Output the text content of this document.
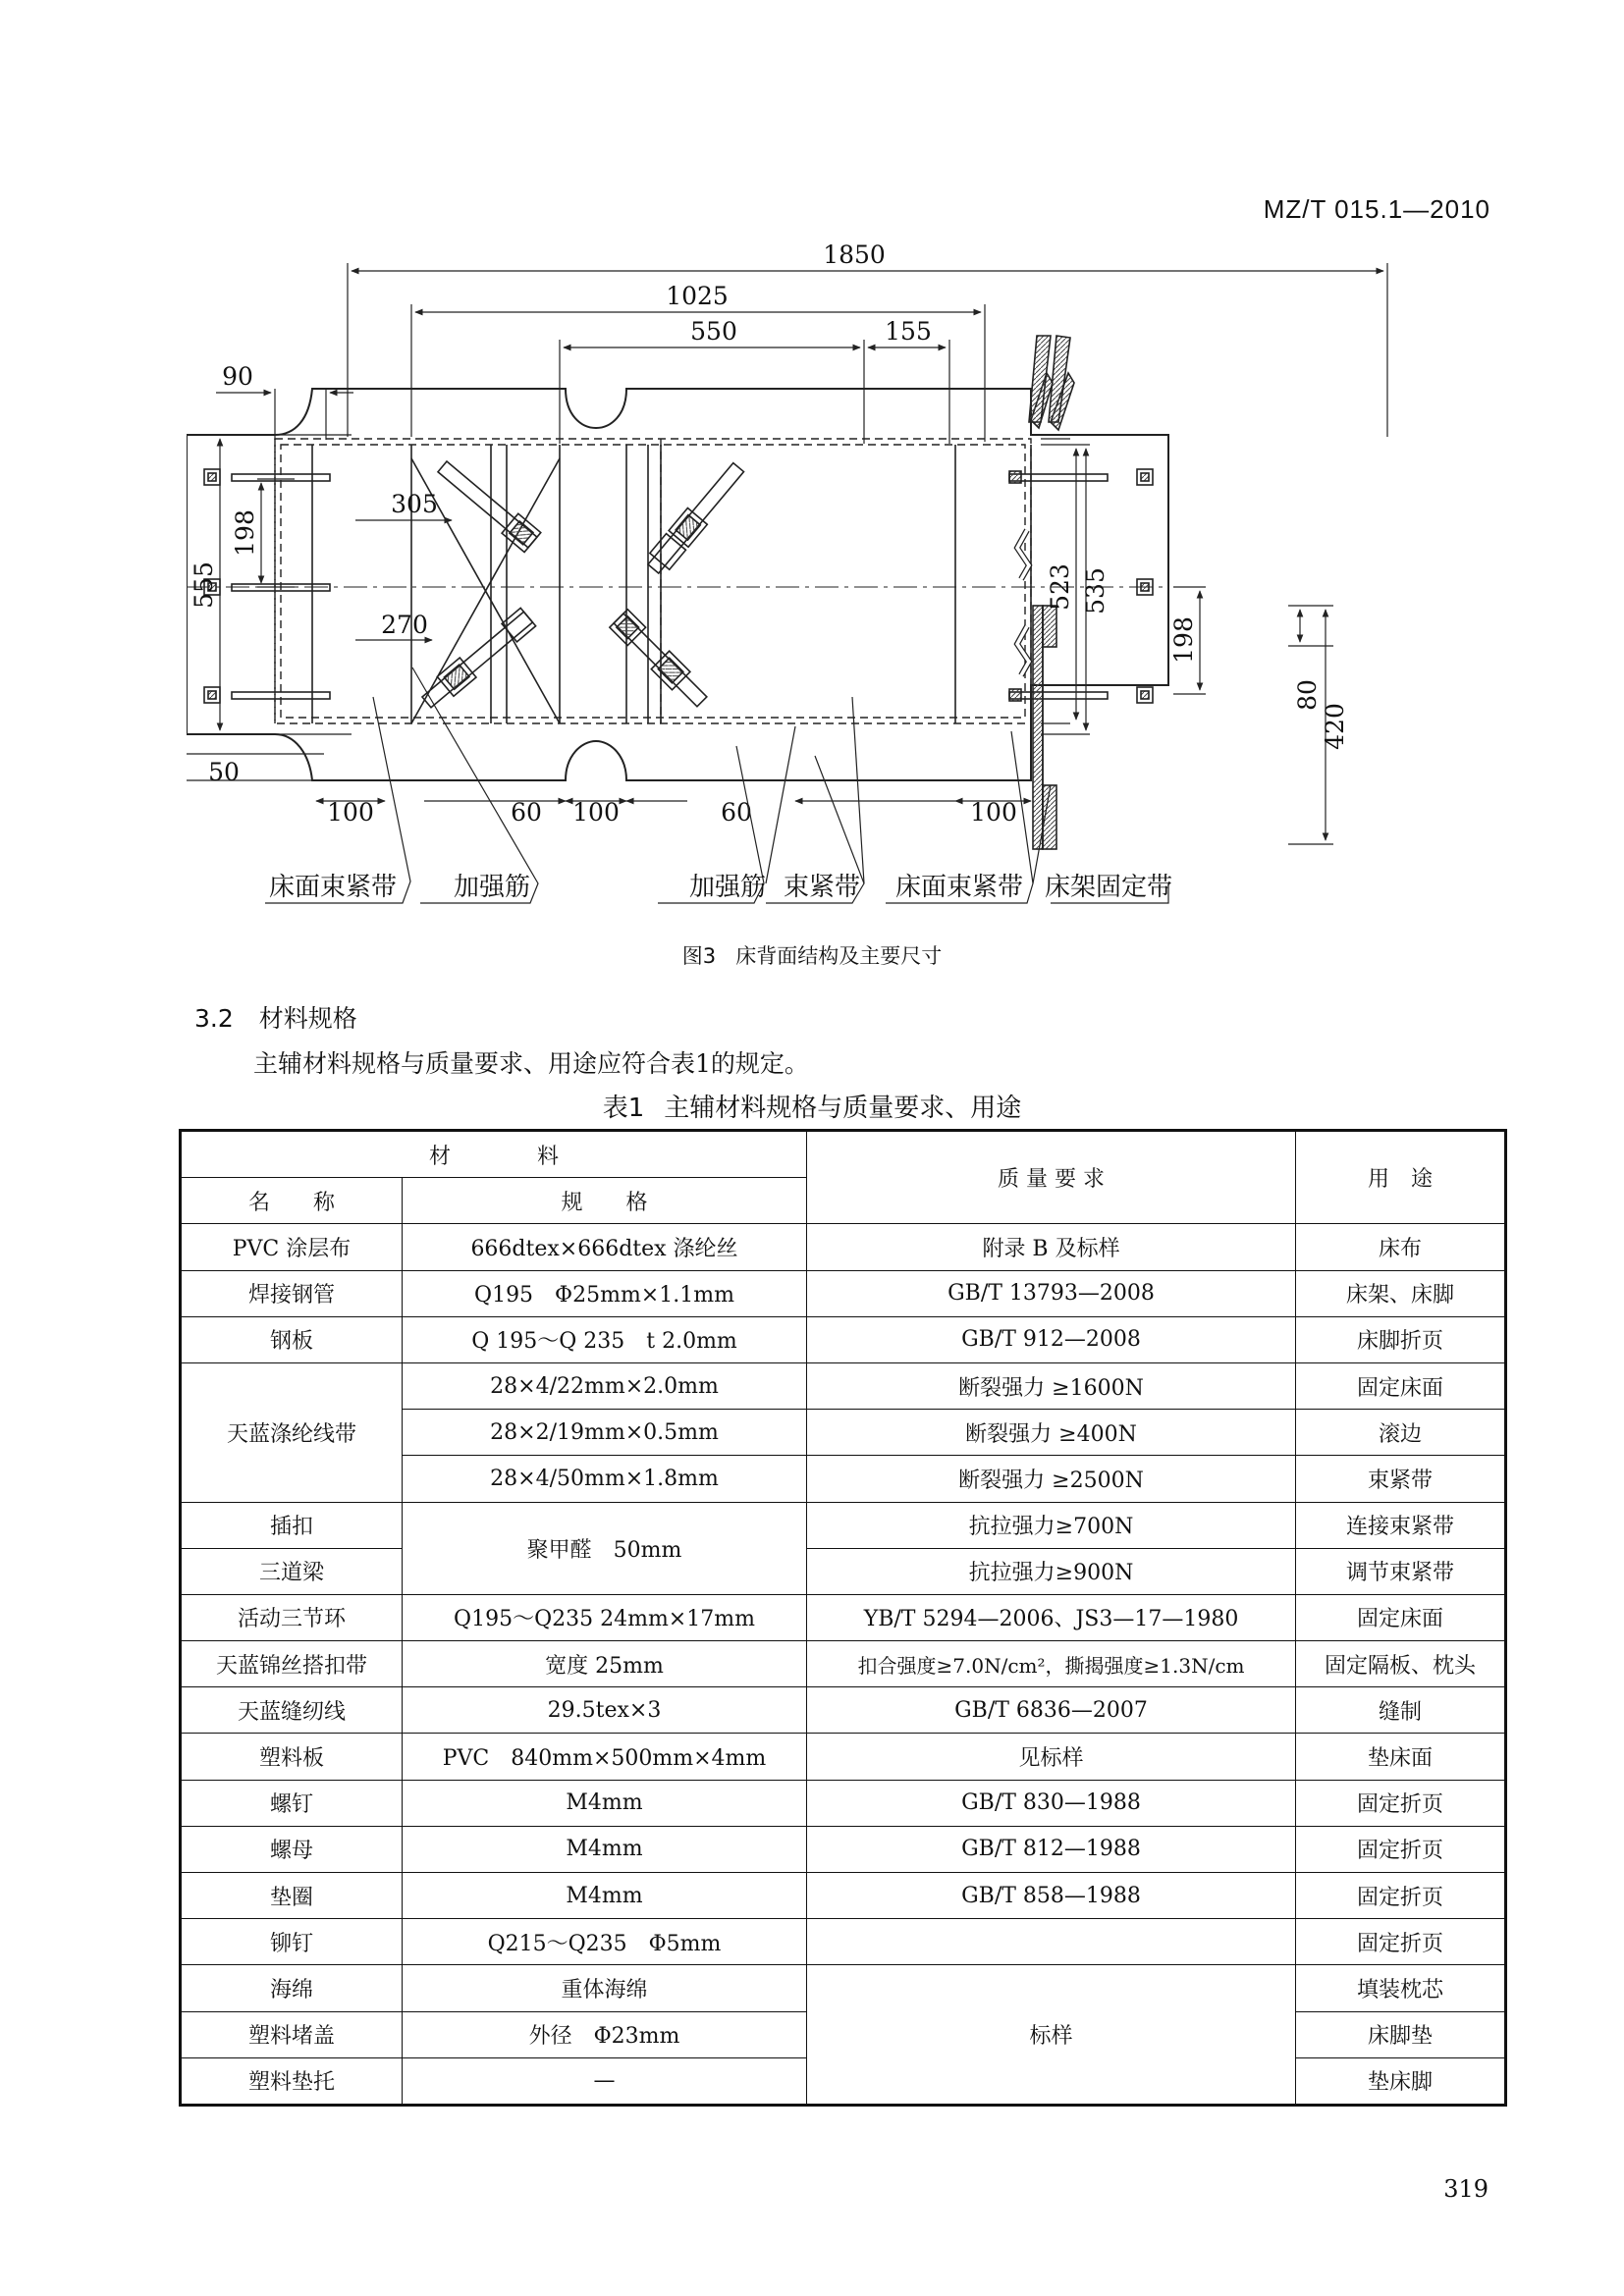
MZ/T 015.1—2010
1850
1025
550	155
90
305
270
50
198
555	523 535
198
80
420
100	60 100	60	100
床面束紧带 加强筋	加强筋 束紧带 床面束紧带 床架固定带
图3 床背面结构及主要尺寸
3.2 材料规格
主辅材料规格与质量要求、用途应符合表1的规定。
表1 主辅材料规格与质量要求、用途
材　　　　料		质 量 要 求	用　途
名　　称	规　　格		
PVC 涂层布	666dtex×666dtex 涤纶丝	附录 B 及标样	床布
焊接钢管	Q195　Φ25mm×1.1mm	GB/T 13793—2008	床架、床脚
钢板	Q 195～Q 235　t 2.0mm	GB/T 912—2008	床脚折页
天蓝涤纶线带	28×4/22mm×2.0mm	断裂强力 ≥1600N	固定床面
	28×2/19mm×0.5mm	断裂强力 ≥400N	滚边
	28×4/50mm×1.8mm	断裂强力 ≥2500N	束紧带
插扣	聚甲醛　50mm	抗拉强力≥700N	连接束紧带
三道梁		抗拉强力≥900N	调节束紧带
活动三节环	Q195～Q235 24mm×17mm	YB/T 5294—2006、JS3—17—1980	固定床面
天蓝锦丝搭扣带	宽度 25mm	扣合强度≥7.0N/cm²，撕揭强度≥1.3N/cm	固定隔板、枕头
天蓝缝纫线	29.5tex×3	GB/T 6836—2007	缝制
塑料板	PVC　840mm×500mm×4mm	见标样	垫床面
螺钉	M4mm	GB/T 830—1988	固定折页
螺母	M4mm	GB/T 812—1988	固定折页
垫圈	M4mm	GB/T 858—1988	固定折页
铆钉	Q215～Q235　Φ5mm		固定折页
海绵	重体海绵	标样	填装枕芯
塑料堵盖	外径　Φ23mm		床脚垫
塑料垫托	—		垫床脚
319
